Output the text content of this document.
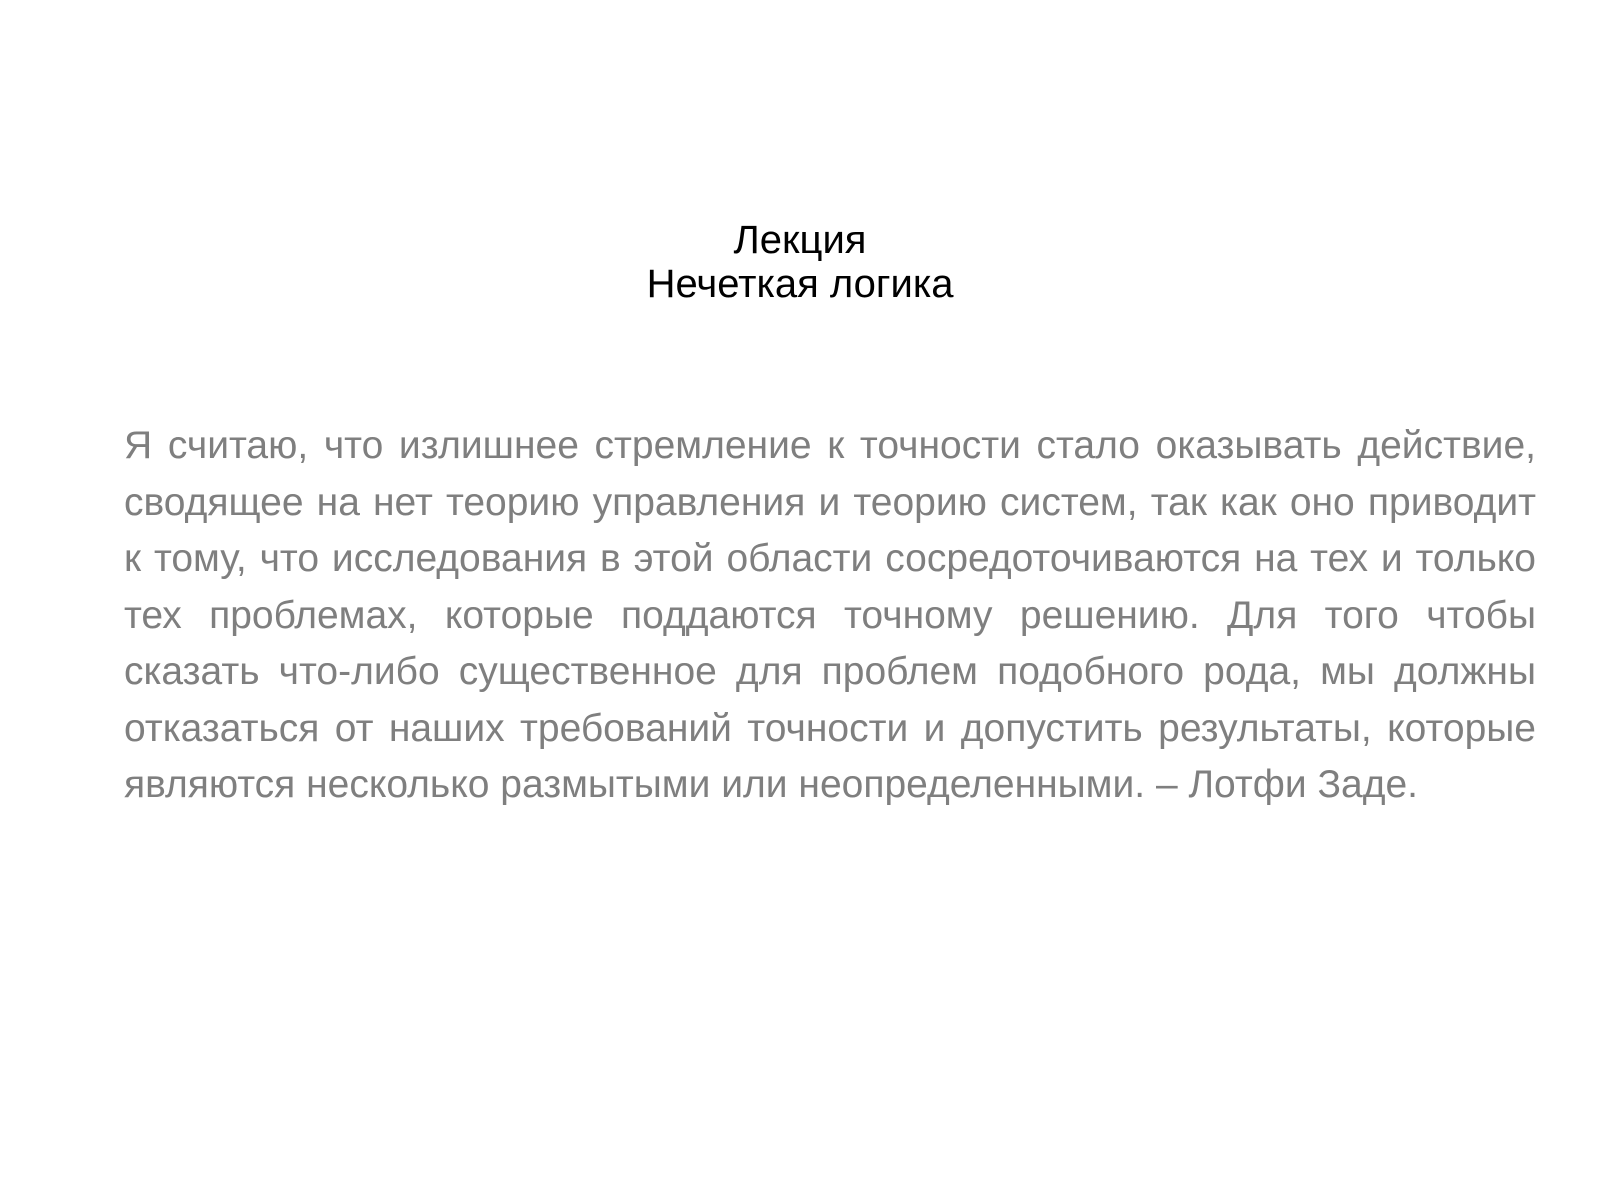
Лекция
Нечеткая логика

Я считаю, что излишнее стремление к точности стало оказывать действие, сводящее на нет теорию управления и теорию систем, так как оно приводит к тому, что исследования в этой области сосредоточиваются на тех и только тех проблемах, которые поддаются точному решению. Для того чтобы сказать что-либо существенное для проблем подобного рода, мы должны отказаться от наших требований точности и допустить результаты, которые являются несколько размытыми или неопределенными. – Лотфи Заде.
